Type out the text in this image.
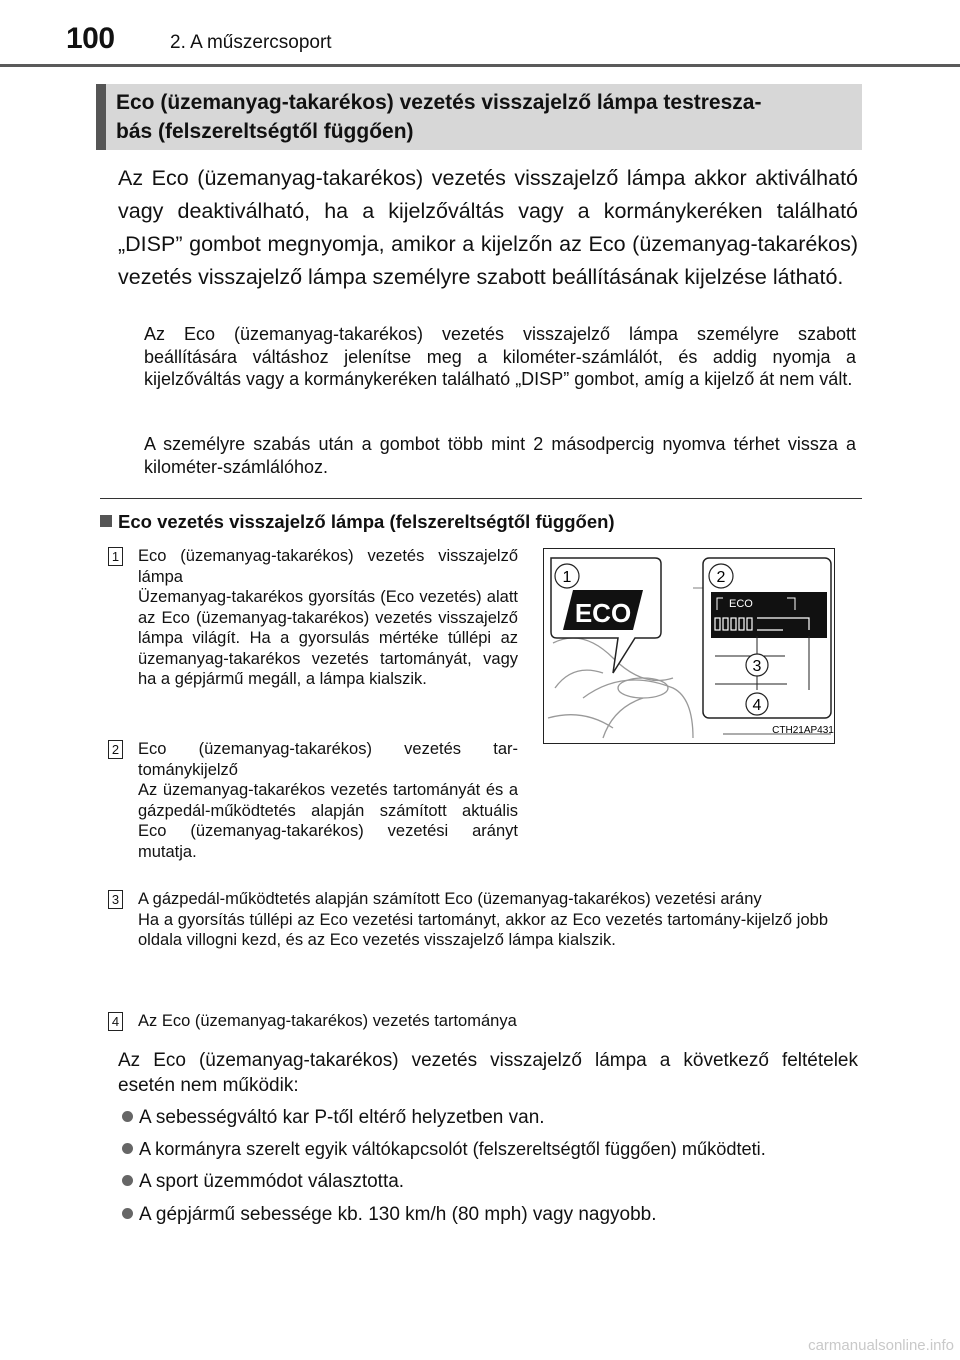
100	2. A műszercsoport
Eco (üzemanyag-takarékos) vezetés visszajelző lámpa testresza-
bás (felszereltségtől függően)
Az Eco (üzemanyag-takarékos) vezetés visszajelző lámpa akkor aktiválható vagy deaktiválható, ha a kijelzőváltás vagy a kormánykeréken található „DISP” gombot megnyomja, amikor a kijelzőn az Eco (üzemanyag-takarékos) vezetés visszajelző lámpa személyre szabott beállításának kijelzése látható.
Az Eco (üzemanyag-takarékos) vezetés visszajelző lámpa személyre szabott beállítására váltáshoz jelenítse meg a kilométer-számlálót, és addig nyomja a kijelzőváltás vagy a kormánykeréken található „DISP” gombot, amíg a kijelző át nem vált.
A személyre szabás után a gombot több mint 2 másodpercig nyomva térhet vissza a kilométer-számlálóhoz.
Eco vezetés visszajelző lámpa (felszereltségtől függően)
1 Eco (üzemanyag-takarékos) vezetés visszajelző lámpa
Üzemanyag-takarékos gyorsítás (Eco vezetés) alatt az Eco (üzemanyag-takarékos) vezetés visszajelző lámpa világít. Ha a gyorsulás mértéke túllépi az üzemanyag-takarékos vezetés tartományát, vagy ha a gépjármű megáll, a lámpa kialszik.
2 Eco (üzemanyag-takarékos) vezetés tartománykijelző
Az üzemanyag-takarékos vezetés tartományát és a gázpedál-működtetés alapján számított aktuális Eco (üzemanyag-takarékos) vezetési arányt mutatja.
3 A gázpedál-működtetés alapján számított Eco (üzemanyag-takarékos) vezetési arány
Ha a gyorsítás túllépi az Eco vezetési tartományt, akkor az Eco vezetés tartomány-kijelző jobb oldala villogni kezd, és az Eco vezetés visszajelző lámpa kialszik.
4 Az Eco (üzemanyag-takarékos) vezetés tartománya
ECO
1	2
ECO
3
4
CTH21AP431
Az Eco (üzemanyag-takarékos) vezetés visszajelző lámpa a következő feltételek esetén nem működik:
A sebességváltó kar P-től eltérő helyzetben van.
A kormányra szerelt egyik váltókapcsolót (felszereltségtől függően) működteti.
A sport üzemmódot választotta.
A gépjármű sebessége kb. 130 km/h (80 mph) vagy nagyobb.
carmanualsonline.info
